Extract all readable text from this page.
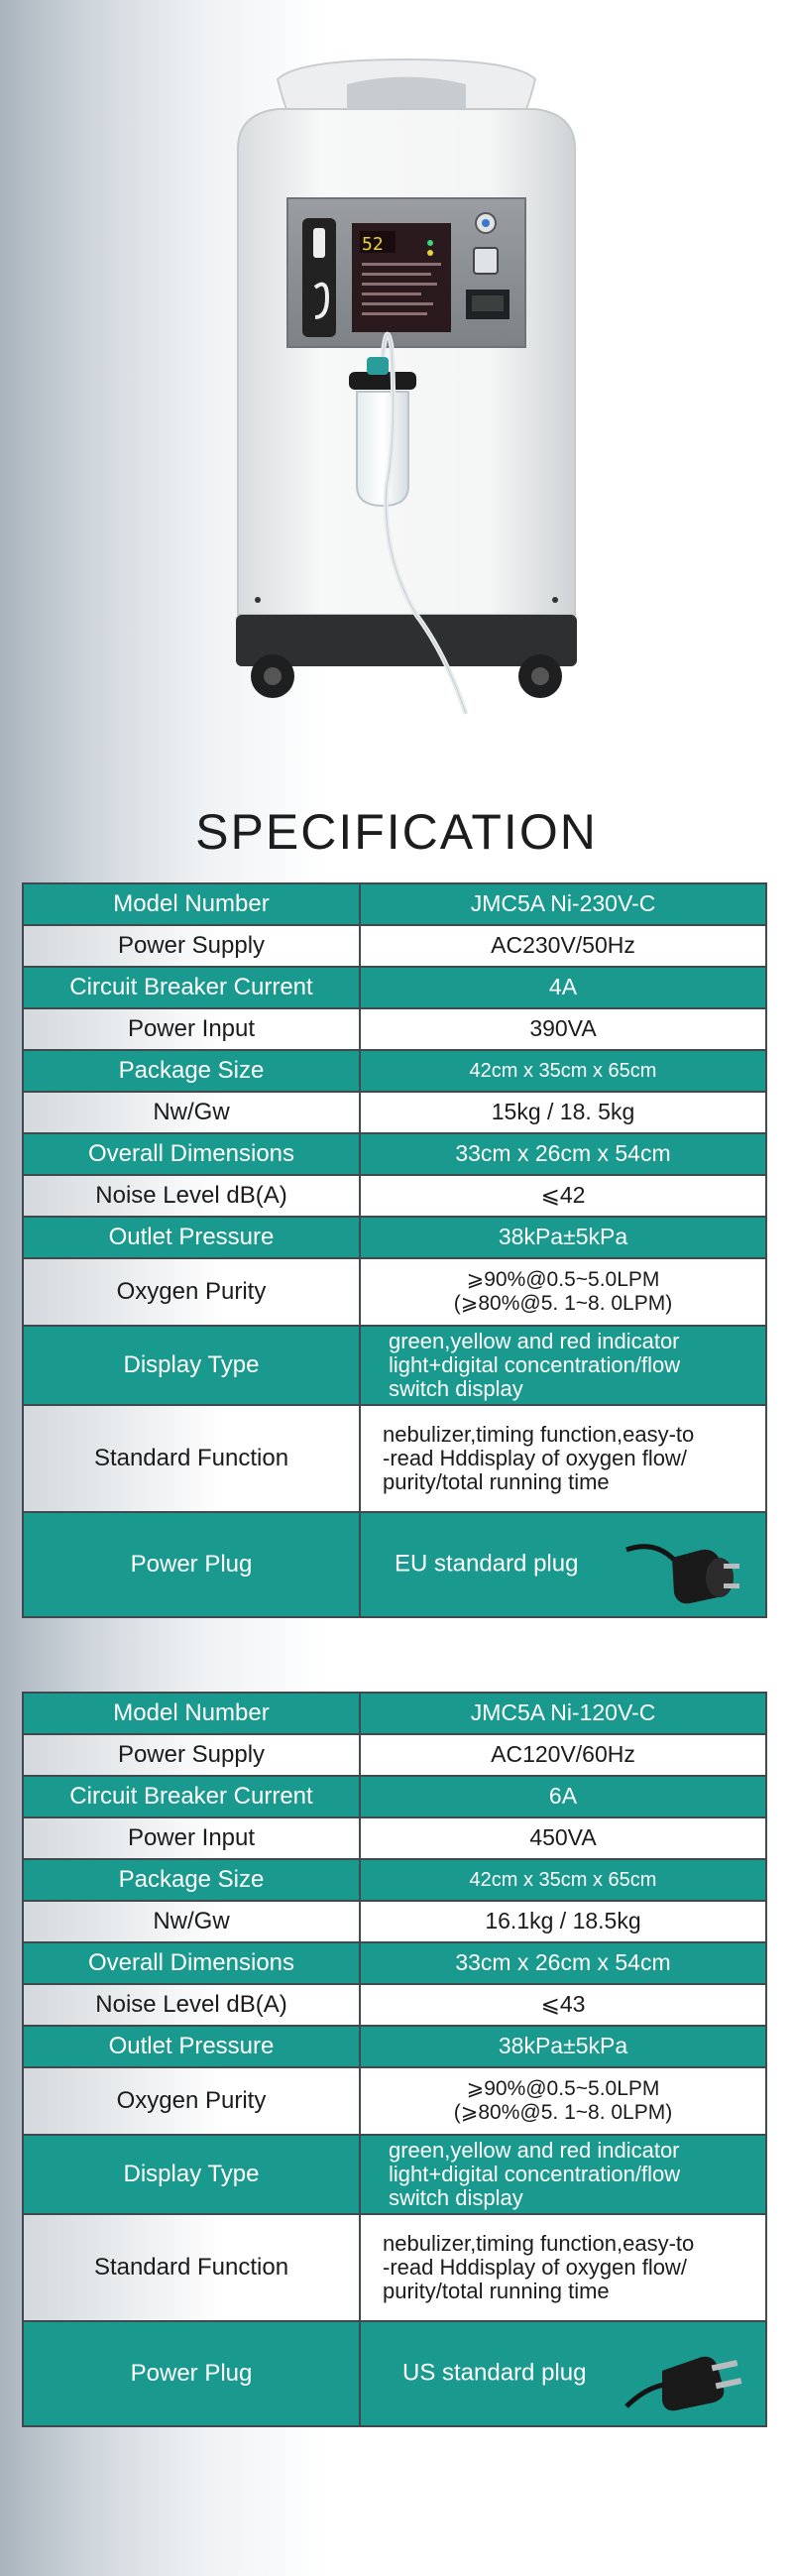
52
SPECIFICATION
Model Number	JMC5A Ni-230V-C
Power Supply	AC230V/50Hz
Circuit Breaker Current	4A
Power Input	390VA
Package Size	42cm x 35cm x 65cm
Nw/Gw	15kg / 18. 5kg
Overall Dimensions	33cm x 26cm x 54cm
Noise Level dB(A)	⩽42
Outlet Pressure	38kPa±5kPa
Oxygen Purity	⩾90%@0.5~5.0LPM
(⩾80%@5. 1~8. 0LPM)

Display Type	green,yellow and red indicator
light+digital concentration/flow
switch display

Standard Function	nebulizer,timing function,easy-to
-read Hddisplay of oxygen flow/
purity/total running time

Power Plug	EU standard plug
Model Number	JMC5A Ni-120V-C
Power Supply	AC120V/60Hz
Circuit Breaker Current	6A
Power Input	450VA
Package Size	42cm x 35cm x 65cm
Nw/Gw	16.1kg / 18.5kg
Overall Dimensions	33cm x 26cm x 54cm
Noise Level dB(A)	⩽43
Outlet Pressure	38kPa±5kPa
Oxygen Purity	⩾90%@0.5~5.0LPM
(⩾80%@5. 1~8. 0LPM)

Display Type	green,yellow and red indicator
light+digital concentration/flow
switch display

Standard Function	nebulizer,timing function,easy-to
-read Hddisplay of oxygen flow/
purity/total running time

Power Plug	US standard plug
